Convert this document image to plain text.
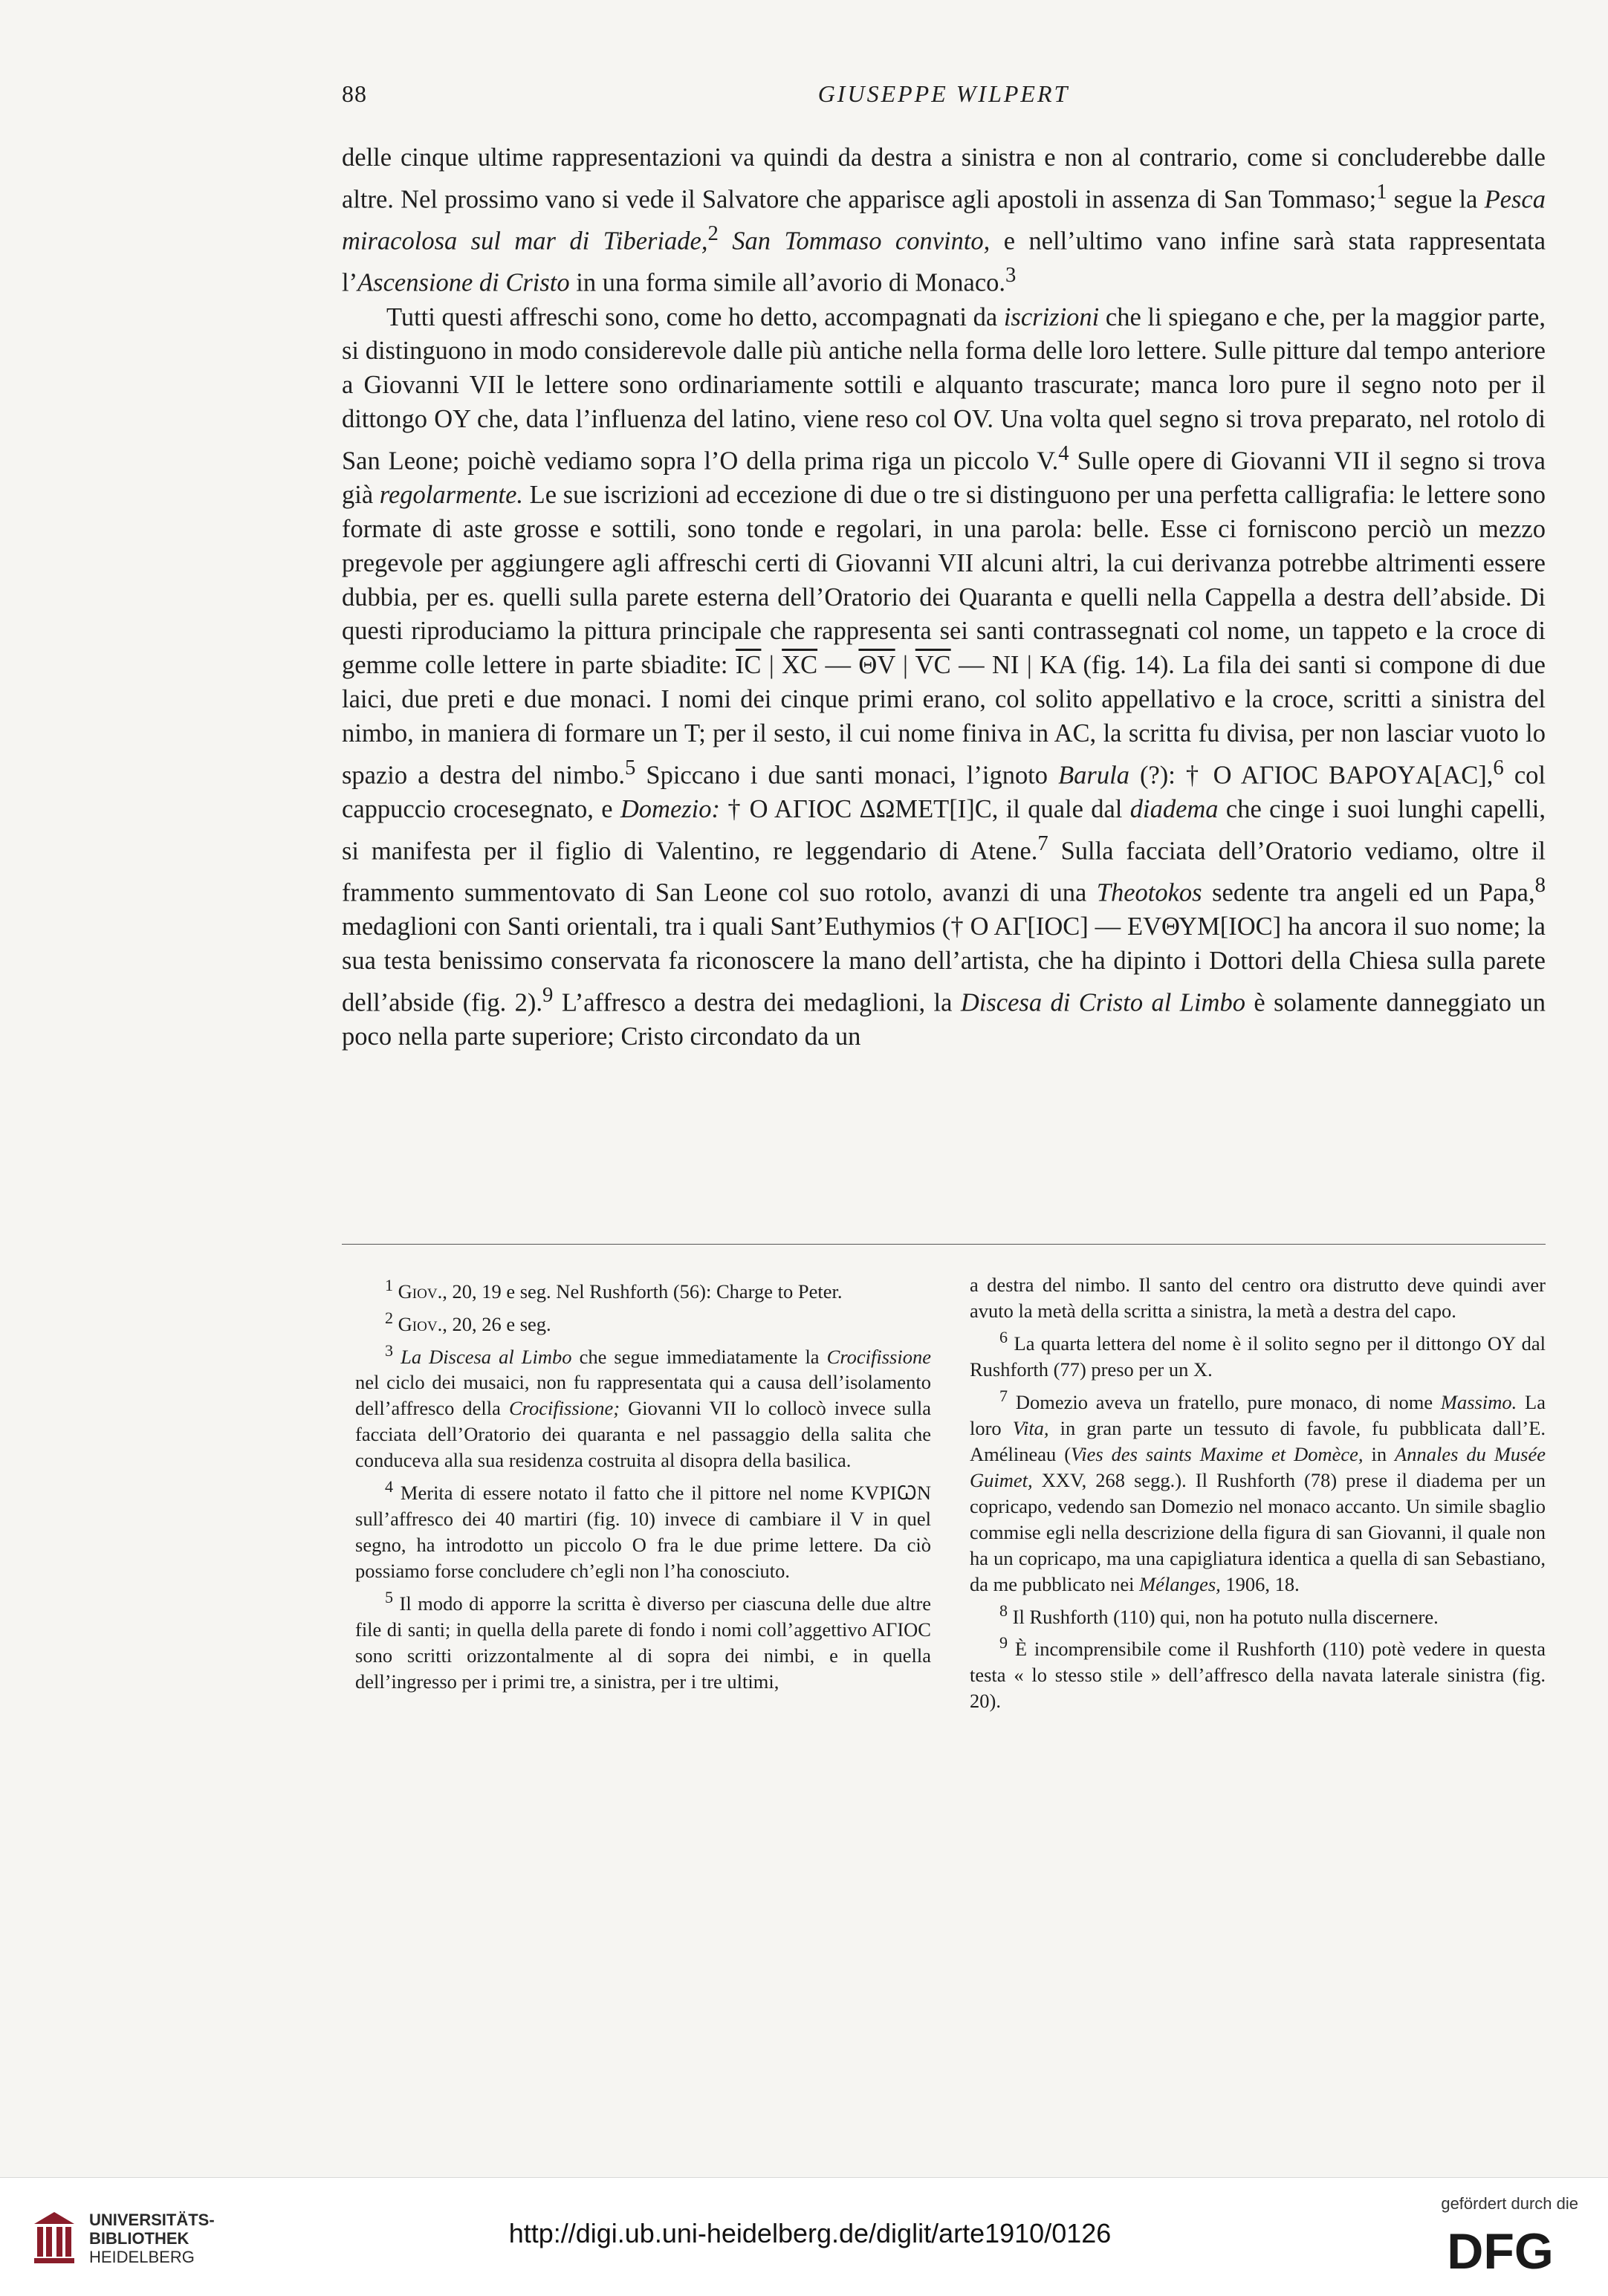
88	GIUSEPPE WILPERT

delle cinque ultime rappresentazioni va quindi da destra a sinistra e non al contrario, come si concluderebbe dalle altre. Nel prossimo vano si vede il Salvatore che apparisce agli apostoli in assenza di San Tommaso;$^1$ segue la Pesca miracolosa sul mar di Tiberiade,$^2$ San Tommaso convinto, e nell’ultimo vano infine sarà stata rappresentata l’Ascensione di Cristo in una forma simile all’avorio di Monaco.$^3$

Tutti questi affreschi sono, come ho detto, accompagnati da iscrizioni che li spiegano e che, per la maggior parte, si distinguono in modo considerevole dalle più antiche nella forma delle loro lettere. Sulle pitture dal tempo anteriore a Giovanni VII le lettere sono ordinariamente sottili e alquanto trascurate; manca loro pure il segno noto per il dittongo OY che, data l’influenza del latino, viene reso col OV. Una volta quel segno si trova preparato, nel rotolo di San Leone; poichè vediamo sopra l’O della prima riga un piccolo V.$^4$ Sulle opere di Giovanni VII il segno si trova già regolarmente. Le sue iscrizioni ad eccezione di due o tre si distinguono per una perfetta calligrafia: le lettere sono formate di aste grosse e sottili, sono tonde e regolari, in una parola: belle. Esse ci forniscono perciò un mezzo pregevole per aggiungere agli affreschi certi di Giovanni VII alcuni altri, la cui derivanza potrebbe altrimenti essere dubbia, per es. quelli sulla parete esterna dell’Oratorio dei Quaranta e quelli nella Cappella a destra dell’abside. Di questi riproduciamo la pittura principale che rappresenta sei santi contrassegnati col nome, un tappeto e la croce di gemme colle lettere in parte sbiadite: $\overline{IC}$ | $\overline{XC}$ — $\overline{\Theta V}$ | $\overline{VC}$ — NI | KA (fig. 14). La fila dei santi si compone di due laici, due preti e due monaci. I nomi dei cinque primi erano, col solito appellativo e la croce, scritti a sinistra del nimbo, in maniera di formare un T; per il sesto, il cui nome finiva in AC, la scritta fu divisa, per non lasciar vuoto lo spazio a destra del nimbo.$^5$ Spiccano i due santi monaci, l’ignoto Barula (?): † O AΓΙΟC BAPOΥA[AC],$^6$ col cappuccio crocesegnato, e Domezio: † O AΓΙΟC ΔΩΜΕΤ[Ι]C, il quale dal diadema che cinge i suoi lunghi capelli, si manifesta per il figlio di Valentino, re leggendario di Atene.$^7$ Sulla facciata dell’Oratorio vediamo, oltre il frammento summentovato di San Leone col suo rotolo, avanzi di una Theotokos sedente tra angeli ed un Papa,$^8$ medaglioni con Santi orientali, tra i quali Sant’Euthymios († O AΓ[ΙΟC] — EVΘΥΜ[ΙΟC] ha ancora il suo nome; la sua testa benissimo conservata fa riconoscere la mano dell’artista, che ha dipinto i Dottori della Chiesa sulla parete dell’abside (fig. 2).$^9$ L’affresco a destra dei medaglioni, la Discesa di Cristo al Limbo è solamente danneggiato un poco nella parte superiore; Cristo circondato da un

$^1$ Giov., 20, 19 e seg. Nel Rushforth (56): Charge to Peter.

$^2$ Giov., 20, 26 e seg.

$^3$ La Discesa al Limbo che segue immediatamente la Crocifissione nel ciclo dei musaici, non fu rappresentata qui a causa dell’isolamento dell’affresco della Crocifissione; Giovanni VII lo collocò invece sulla facciata dell’Oratorio dei quaranta e nel passaggio della salita che conduceva alla sua residenza costruita al disopra della basilica.

$^4$ Merita di essere notato il fatto che il pittore nel nome KVPIꞶN sull’affresco dei 40 martiri (fig. 10) invece di cambiare il V in quel segno, ha introdotto un piccolo O fra le due prime lettere. Da ciò possiamo forse concludere ch’egli non l’ha conosciuto.

$^5$ Il modo di apporre la scritta è diverso per ciascuna delle due altre file di santi; in quella della parete di fondo i nomi coll’aggettivo AΓΙΟC sono scritti orizzontalmente al di sopra dei nimbi, e in quella dell’ingresso per i primi tre, a sinistra, per i tre ultimi,

a destra del nimbo. Il santo del centro ora distrutto deve quindi aver avuto la metà della scritta a sinistra, la metà a destra del capo.

$^6$ La quarta lettera del nome è il solito segno per il dittongo OY dal Rushforth (77) preso per un X.

$^7$ Domezio aveva un fratello, pure monaco, di nome Massimo. La loro Vita, in gran parte un tessuto di favole, fu pubblicata dall’E. Amélineau (Vies des saints Maxime et Domèce, in Annales du Musée Guimet, XXV, 268 segg.). Il Rushforth (78) prese il diadema per un copricapo, vedendo san Domezio nel monaco accanto. Un simile sbaglio commise egli nella descrizione della figura di san Giovanni, il quale non ha un copricapo, ma una capigliatura identica a quella di san Sebastiano, da me pubblicato nei Mélanges, 1906, 18.

$^8$ Il Rushforth (110) qui, non ha potuto nulla discernere.

$^9$ È incomprensibile come il Rushforth (110) potè vedere in questa testa « lo stesso stile » dell’affresco della navata laterale sinistra (fig. 20).

UNIVERSITÄTS-
BIBLIOTHEK
HEIDELBERG
http://digi.ub.uni-heidelberg.de/diglit/arte1910/0126
gefördert durch die
DFG
